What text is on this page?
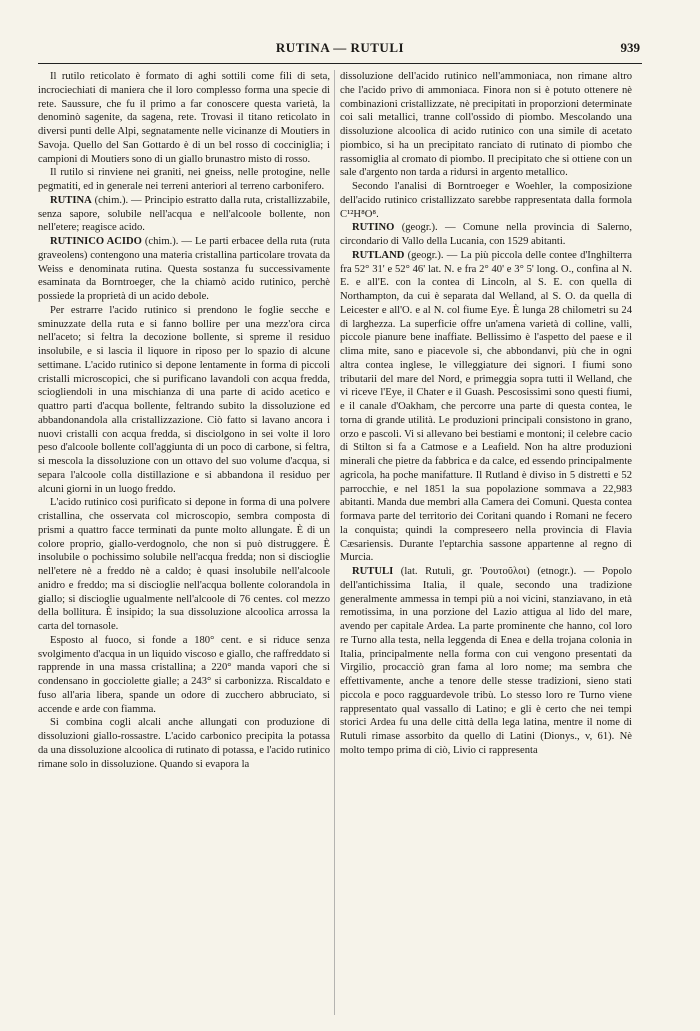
RUTINA — RUTULI	939

Il rutilo reticolato è formato di aghi sottili come fili di seta, incrociechiati di maniera che il loro complesso forma una specie di rete. Saussure, che fu il primo a far conoscere questa varietà, la denominò sagenite, da sagena, rete. Trovasi il titano reticolato in diversi punti delle Alpi, segnatamente nelle vicinanze di Moutiers in Savoja. Quello del San Gottardo è di un bel rosso di cocciniglia; i campioni di Moutiers sono di un giallo brunastro misto di rosso.

Il rutilo si rinviene nei graniti, nei gneiss, nelle protogine, nelle pegmatiti, ed in generale nei terreni anteriori al terreno carbonifero.

RUTINA (chim.). — Principio estratto dalla ruta, cristallizzabile, senza sapore, solubile nell'acqua e nell'alcoole bollente, non nell'etere; reagisce acido.

RUTINICO ACIDO (chim.). — Le parti erbacee della ruta (ruta graveolens) contengono una materia cristallina particolare trovata da Weiss e denominata rutina. Questa sostanza fu successivamente esaminata da Borntroeger, che la chiamò acido rutinico, perchè possiede la proprietà di un acido debole.

Per estrarre l'acido rutinico si prendono le foglie secche e sminuzzate della ruta e si fanno bollire per una mezz'ora circa nell'aceto; si feltra la decozione bollente, si spreme il residuo insolubile, e si lascia il liquore in riposo per lo spazio di alcune settimane. L'acido rutinico si depone lentamente in forma di piccoli cristalli microscopici, che si purificano lavandoli con acqua fredda, sciogliendoli in una mischianza di una parte di acido acetico e quattro parti d'acqua bollente, feltrando subito la dissoluzione ed abbandonandola alla cristallizzazione. Ciò fatto si lavano ancora i nuovi cristalli con acqua fredda, si disciolgono in sei volte il loro peso d'alcoole bollente coll'aggiunta di un poco di carbone, si feltra, si mescola la dissoluzione con un ottavo del suo volume d'acqua, si separa l'alcoole colla distillazione e si abbandona il residuo per alcuni giorni in un luogo freddo.

L'acido rutinico così purificato si depone in forma di una polvere cristallina, che osservata col microscopio, sembra composta di prismi a quattro facce terminati da punte molto allungate. È di un colore proprio, giallo-verdognolo, che non si può distruggere. È insolubile o pochissimo solubile nell'acqua fredda; non si discioglie nell'etere nè a freddo nè a caldo; è quasi insolubile nell'alcoole anidro e freddo; ma si discioglie nell'acqua bollente colorandola in giallo; si discioglie ugualmente nell'alcoole di 76 centes. col mezzo della bollitura. È insipido; la sua dissoluzione alcoolica arrossa la carta del tornasole.

Esposto al fuoco, si fonde a 180° cent. e si riduce senza svolgimento d'acqua in un liquido viscoso e giallo, che raffreddato si rapprende in una massa cristallina; a 220° manda vapori che si condensano in gocciolette gialle; a 243° si carbonizza. Riscaldato e fuso all'aria libera, spande un odore di zucchero abbruciato, si accende e arde con fiamma.

Si combina cogli alcali anche allungati con produzione di dissoluzioni giallo-rossastre. L'acido carbonico precipita la potassa da una dissoluzione alcoolica di rutinato di potassa, e l'acido rutinico rimane solo in dissoluzione. Quando si evapora la

dissoluzione dell'acido rutinico nell'ammoniaca, non rimane altro che l'acido privo di ammoniaca. Finora non si è potuto ottenere nè combinazioni cristallizzate, nè precipitati in proporzioni determinate coi sali metallici, tranne coll'ossido di piombo. Mescolando una dissoluzione alcoolica di acido rutinico con una simile di acetato piombico, si ha un precipitato ranciato di rutinato di piombo che rassomiglia al cromato di piombo. Il precipitato che si ottiene con un sale d'argento non tarda a ridursi in argento metallico.

Secondo l'analisi di Borntroeger e Woehler, la composizione dell'acido rutinico cristallizzato sarebbe rappresentata dalla formola C¹²H⁸O⁸.

RUTINO (geogr.). — Comune nella provincia di Salerno, circondario di Vallo della Lucania, con 1529 abitanti.

RUTLAND (geogr.). — La più piccola delle contee d'Inghilterra fra 52° 31' e 52° 46' lat. N. e fra 2° 40' e 3° 5' long. O., confina al N. E. e all'E. con la contea di Lincoln, al S. E. con quella di Northampton, da cui è separata dal Welland, al S. O. da quella di Leicester e all'O. e al N. col fiume Eye. È lunga 28 chilometri su 24 di larghezza. La superficie offre un'amena varietà di colline, valli, piccole pianure bene inaffiate. Bellissimo è l'aspetto del paese e il clima mite, sano e piacevole si, che abbondanvi, più che in ogni altra contea inglese, le villeggiature dei signori. I fiumi sono tributarii del mare del Nord, e primeggia sopra tutti il Welland, che vi riceve l'Eye, il Chater e il Guash. Pescosissimi sono questi fiumi, e il canale d'Oakham, che percorre una parte di questa contea, le torna di grande utilità. Le produzioni principali consistono in grano, orzo e pascoli. Vi si allevano bei bestiami e montoni; il celebre cacio di Stilton si fa a Catmose e a Leafield. Non ha altre produzioni minerali che pietre da fabbrica e da calce, ed essendo principalmente agricola, ha poche manifatture. Il Rutland è diviso in 5 distretti e 52 parrocchie, e nel 1851 la sua popolazione sommava a 22,983 abitanti. Manda due membri alla Camera dei Comuni. Questa contea formava parte del territorio dei Coritani quando i Romani ne fecero la conquista; quindi la compreseero nella provincia di Flavia Cæsariensis. Durante l'eptarchia sassone appartenne al regno di Murcia.

RUTULI (lat. Rutuli, gr. Ῥουτοῦλοι) (etnogr.). — Popolo dell'antichissima Italia, il quale, secondo una tradizione generalmente ammessa in tempi più a noi vicini, stanziavano, in età remotissima, in una porzione del Lazio attigua al lido del mare, avendo per capitale Ardea. La parte prominente che hanno, col loro re Turno alla testa, nella leggenda di Enea e della trojana colonia in Italia, principalmente nella forma con cui vengono presentati da Virgilio, procacciò gran fama al loro nome; ma sembra che effettivamente, anche a tenore delle stesse tradizioni, sieno stati piccola e poco ragguardevole tribù. Lo stesso loro re Turno viene rappresentato qual vassallo di Latino; e gli è certo che nei tempi storici Ardea fu una delle città della lega latina, mentre il nome di Rutuli rimase assorbito da quello di Latini (Dionys., v, 61). Nè molto tempo prima di ciò, Livio ci rappresenta
